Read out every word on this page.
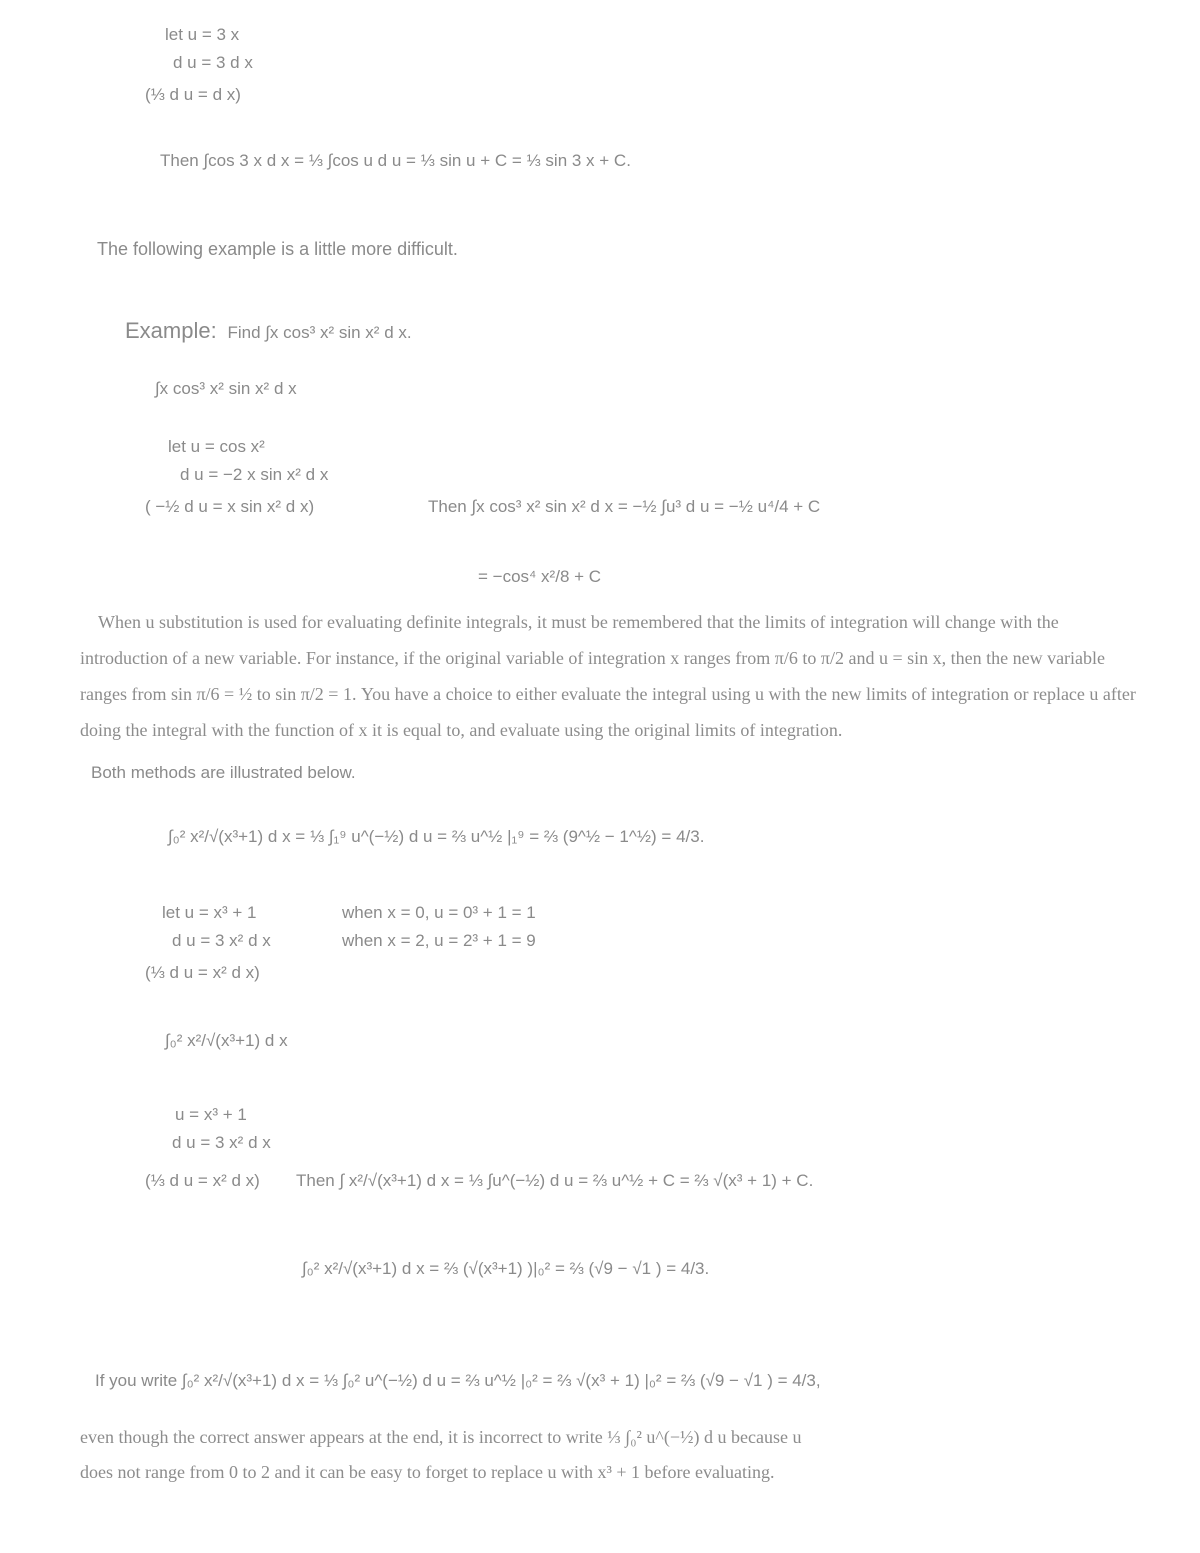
let u = 3 x
d u = 3 d x
(⅓ d u = d x)
Then ∫cos 3 x d x = ⅓ ∫cos u d u = ⅓ sin u + C = ⅓ sin 3 x + C.
The following example is a little more difficult.
Example: Find ∫x cos³ x² sin x² d x.
∫x cos³ x² sin x² d x
let u = cos x²
d u = −2 x sin x² d x
( −½ d u = x sin x² d x)	Then ∫x cos³ x² sin x² d x = −½ ∫u³ d u = −½ u⁴/4 + C
= −cos⁴ x²/8 + C

When u substitution is used for evaluating definite integrals, it must be remembered that the limits of integration will change with the introduction of a new variable. For instance, if the original variable of integration x ranges from π/6 to π/2 and u = sin x, then the new variable ranges from sin π/6 = ½ to sin π/2 = 1. You have a choice to either evaluate the integral using u with the new limits of integration or replace u after doing the integral with the function of x it is equal to, and evaluate using the original limits of integration.

Both methods are illustrated below.
∫₀² x²/√(x³+1) d x = ⅓ ∫₁⁹ u^(−½) d u = ⅔ u^½ |₁⁹ = ⅔ (9^½ − 1^½) = 4/3.
let u = x³ + 1
d u = 3 x² d x
(⅓ d u = x² d x)
when x = 0, u = 0³ + 1 = 1
when x = 2, u = 2³ + 1 = 9
∫₀² x²/√(x³+1) d x
u = x³ + 1
d u = 3 x² d x
(⅓ d u = x² d x) Then ∫ x²/√(x³+1) d x = ⅓ ∫u^(−½) d u = ⅔ u^½ + C = ⅔ √(x³ + 1) + C.
∫₀² x²/√(x³+1) d x = ⅔ (√(x³+1) )|₀² = ⅔ (√9 − √1 ) = 4/3.
If you write ∫₀² x²/√(x³+1) d x = ⅓ ∫₀² u^(−½) d u = ⅔ u^½ |₀² = ⅔ √(x³ + 1) |₀² = ⅔ (√9 − √1 ) = 4/3,
even though the correct answer appears at the end, it is incorrect to write ⅓ ∫₀² u^(−½) d u because u
does not range from 0 to 2 and it can be easy to forget to replace u with x³ + 1 before evaluating.
